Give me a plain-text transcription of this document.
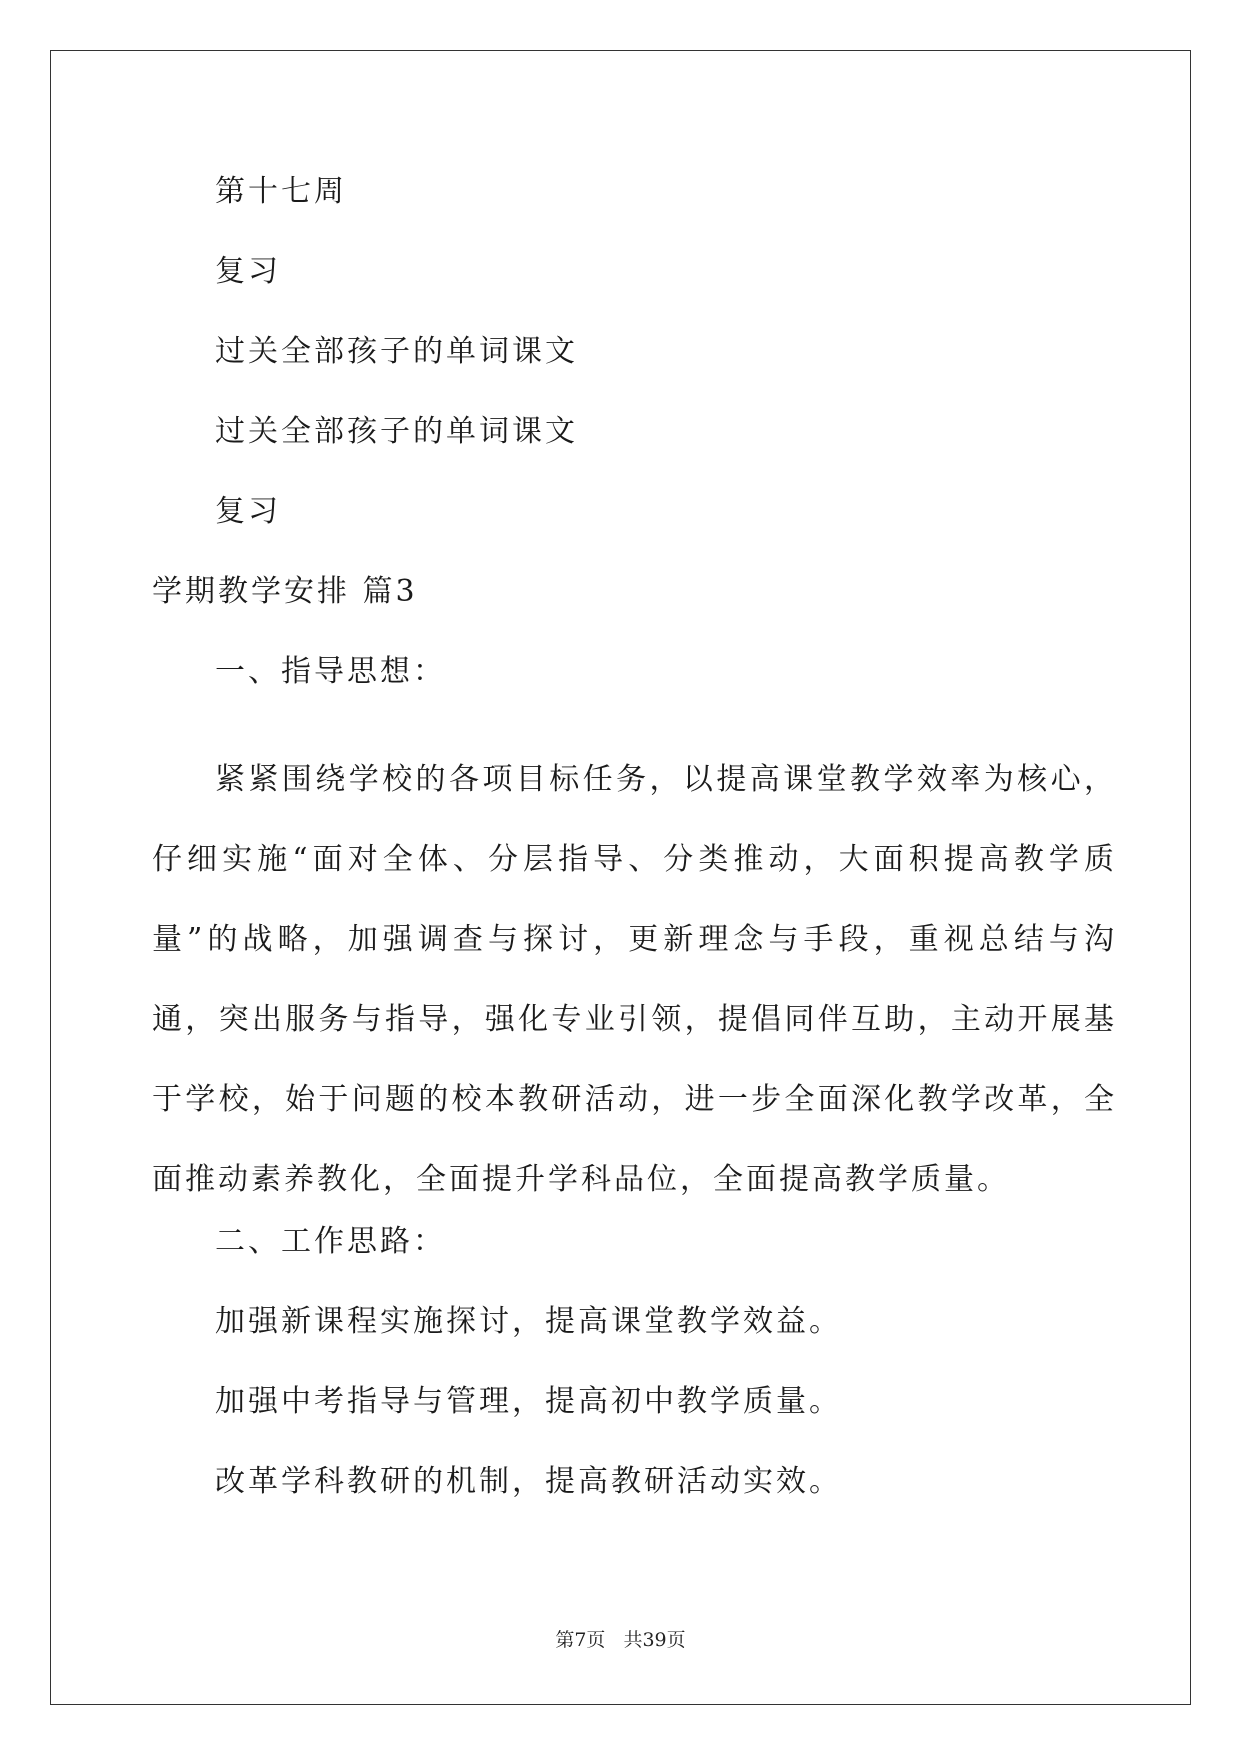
第十七周
复习
过关全部孩子的单词课文
过关全部孩子的单词课文
复习
学期教学安排 篇3
一、指导思想：
紧紧围绕学校的各项目标任务，以提高课堂教学效率为核心，仔细实施“面对全体、分层指导、分类推动，大面积提高教学质量”的战略，加强调查与探讨，更新理念与手段，重视总结与沟通，突出服务与指导，强化专业引领，提倡同伴互助，主动开展基于学校，始于问题的校本教研活动，进一步全面深化教学改革，全面推动素养教化，全面提升学科品位，全面提高教学质量。
二、工作思路：
加强新课程实施探讨，提高课堂教学效益。
加强中考指导与管理，提高初中教学质量。
改革学科教研的机制，提高教研活动实效。
第7页 共39页
